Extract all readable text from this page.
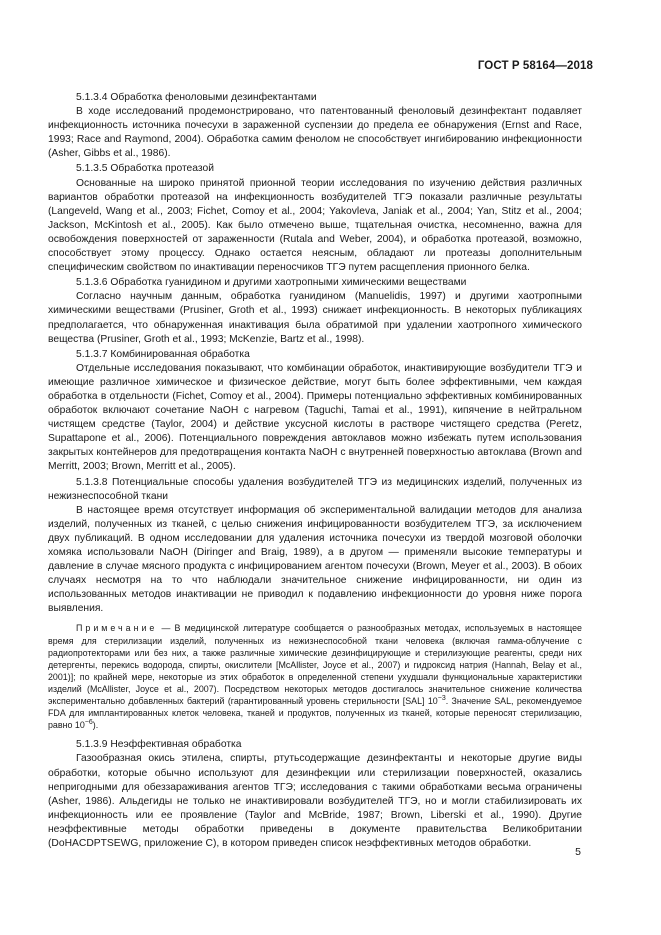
ГОСТ Р 58164—2018

5.1.3.4 Обработка феноловыми дезинфектантами

В ходе исследований продемонстрировано, что патентованный феноловый дезинфектант подавляет инфекционность источника почесухи в зараженной суспензии до предела ее обнаружения (Ernst and Race, 1993; Race and Raymond, 2004). Обработка самим фенолом не способствует ингибированию инфекционности (Asher, Gibbs et al., 1986).

5.1.3.5 Обработка протеазой

Основанные на широко принятой прионной теории исследования по изучению действия различных вариантов обработки протеазой на инфекционность возбудителей ТГЭ показали различные результаты (Langeveld, Wang et al., 2003; Fichet, Comoy et al., 2004; Yakovleva, Janiak et al., 2004; Yan, Stitz et al., 2004; Jackson, McKintosh et al., 2005). Как было отмечено выше, тщательная очистка, несомненно, важна для освобождения поверхностей от зараженности (Rutala and Weber, 2004), и обработка протеазой, возможно, способствует этому процессу. Однако остается неясным, обладают ли протеазы дополнительным специфическим свойством по инактивации переносчиков ТГЭ путем расщепления прионного белка.

5.1.3.6 Обработка гуанидином и другими хаотропными химическими веществами

Согласно научным данным, обработка гуанидином (Manuelidis, 1997) и другими хаотропными химическими веществами (Prusiner, Groth et al., 1993) снижает инфекционность. В некоторых публикациях предполагается, что обнаруженная инактивация была обратимой при удалении хаотропного химического вещества (Prusiner, Groth et al., 1993; McKenzie, Bartz et al., 1998).

5.1.3.7 Комбинированная обработка

Отдельные исследования показывают, что комбинации обработок, инактивирующие возбудители ТГЭ и имеющие различное химическое и физическое действие, могут быть более эффективными, чем каждая обработка в отдельности (Fichet, Comoy et al., 2004). Примеры потенциально эффективных комбинированных обработок включают сочетание NaOH с нагревом (Taguchi, Tamai et al., 1991), кипячение в нейтральном чистящем средстве (Taylor, 2004) и действие уксусной кислоты в растворе чистящего средства (Peretz, Supattapone et al., 2006). Потенциального повреждения автоклавов можно избежать путем использования закрытых контейнеров для предотвращения контакта NaOH с внутренней поверхностью автоклава (Brown and Merritt, 2003; Brown, Merritt et al., 2005).

5.1.3.8 Потенциальные способы удаления возбудителей ТГЭ из медицинских изделий, полученных из нежизнеспособной ткани

В настоящее время отсутствует информация об экспериментальной валидации методов для анализа изделий, полученных из тканей, с целью снижения инфицированности возбудителем ТГЭ, за исключением двух публикаций. В одном исследовании для удаления источника почесухи из твердой мозговой оболочки хомяка использовали NaOH (Diringer and Braig, 1989), а в другом — применяли высокие температуры и давление в случае мясного продукта с инфицированием агентом почесухи (Brown, Meyer et al., 2003). В обоих случаях несмотря на то что наблюдали значительное снижение инфицированности, ни один из использованных методов инактивации не приводил к подавлению инфекционности до уровня ниже порога выявления.

Примечание — В медицинской литературе сообщается о разнообразных методах, используемых в настоящее время для стерилизации изделий, полученных из нежизнеспособной ткани человека (включая гамма-облучение с радиопротекторами или без них, а также различные химические дезинфицирующие и стерилизующие реагенты, среди них детергенты, перекись водорода, спирты, окислители [McAllister, Joyce et al., 2007) и гидроксид натрия (Hannah, Belay et al., 2001)]; по крайней мере, некоторые из этих обработок в определенной степени ухудшали функциональные характеристики изделий (McAllister, Joyce et al., 2007). Посредством некоторых методов достигалось значительное снижение количества экспериментально добавленных бактерий (гарантированный уровень стерильности [SAL] $10^{-3}$. Значение SAL, рекомендуемое FDA для имплантированных клеток человека, тканей и продуктов, полученных из тканей, которые переносят стерилизацию, равно $10^{-6}$).

5.1.3.9 Неэффективная обработка

Газообразная окись этилена, спирты, ртутьсодержащие дезинфектанты и некоторые другие виды обработки, которые обычно используют для дезинфекции или стерилизации поверхностей, оказались непригодными для обеззараживания агентов ТГЭ; исследования с такими обработками весьма ограничены (Asher, 1986). Альдегиды не только не инактивировали возбудителей ТГЭ, но и могли стабилизировать их инфекционность или ее проявление (Taylor and McBride, 1987; Brown, Liberski et al., 1990). Другие неэффективные методы обработки приведены в документе правительства Великобритании (DoHACDPTSEWG, приложение С), в котором приведен список неэффективных методов обработки.

5
